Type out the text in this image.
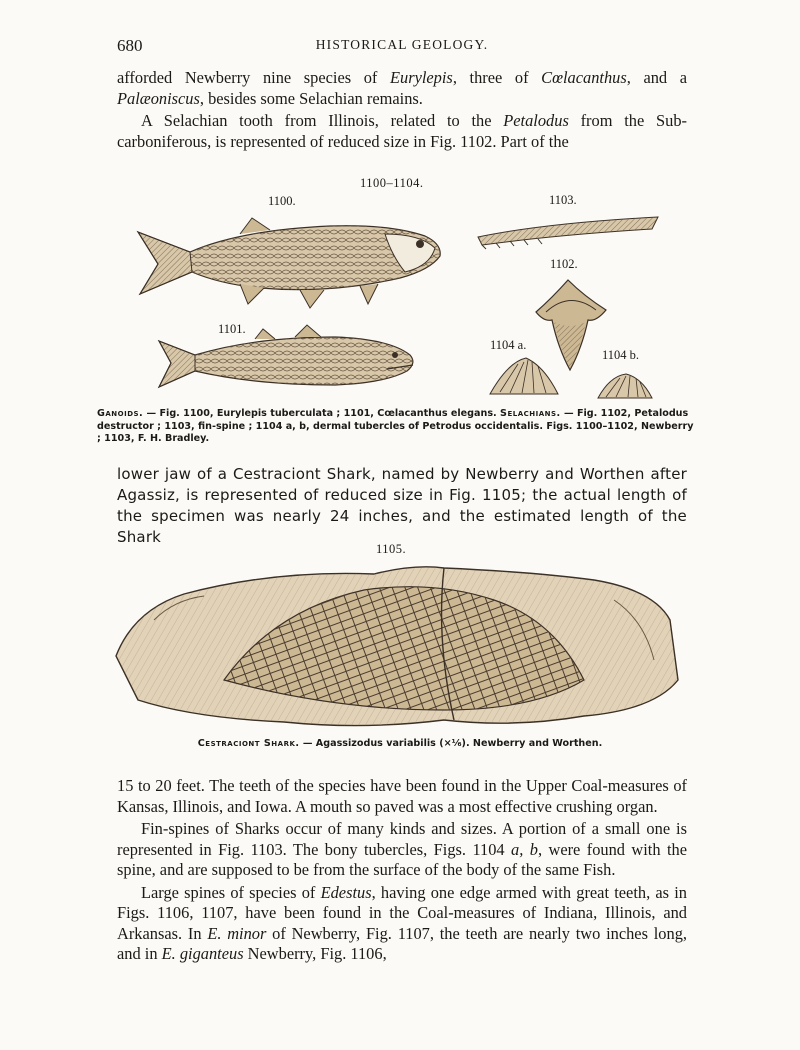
680	HISTORICAL GEOLOGY.

afforded Newberry nine species of Eurylepis, three of Cœlacanthus, and a Palæoniscus, besides some Selachian remains.

A Selachian tooth from Illinois, related to the Petalodus from the Sub-carboniferous, is represented of reduced size in Fig. 1102. Part of the

1100–1104.
1100.
1101.
1103.
1102.
1104 a.
1104 b.
Ganoids. — Fig. 1100, Eurylepis tuberculata ; 1101, Cœlacanthus elegans. Selachians. — Fig. 1102, Petalodus destructor ; 1103, fin-spine ; 1104 a, b, dermal tubercles of Petrodus occidentalis. Figs. 1100–1102, Newberry ; 1103, F. H. Bradley.

lower jaw of a Cestraciont Shark, named by Newberry and Worthen after Agassiz, is represented of reduced size in Fig. 1105; the actual length of the specimen was nearly 24 inches, and the estimated length of the Shark

1105.
Cestraciont Shark. — Agassizodus variabilis (×⅙). Newberry and Worthen.

15 to 20 feet. The teeth of the species have been found in the Upper Coal-measures of Kansas, Illinois, and Iowa. A mouth so paved was a most effective crushing organ.

Fin-spines of Sharks occur of many kinds and sizes. A portion of a small one is represented in Fig. 1103. The bony tubercles, Figs. 1104 a, b, were found with the spine, and are supposed to be from the surface of the body of the same Fish.

Large spines of species of Edestus, having one edge armed with great teeth, as in Figs. 1106, 1107, have been found in the Coal-measures of Indiana, Illinois, and Arkansas. In E. minor of Newberry, Fig. 1107, the teeth are nearly two inches long, and in E. giganteus Newberry, Fig. 1106,
